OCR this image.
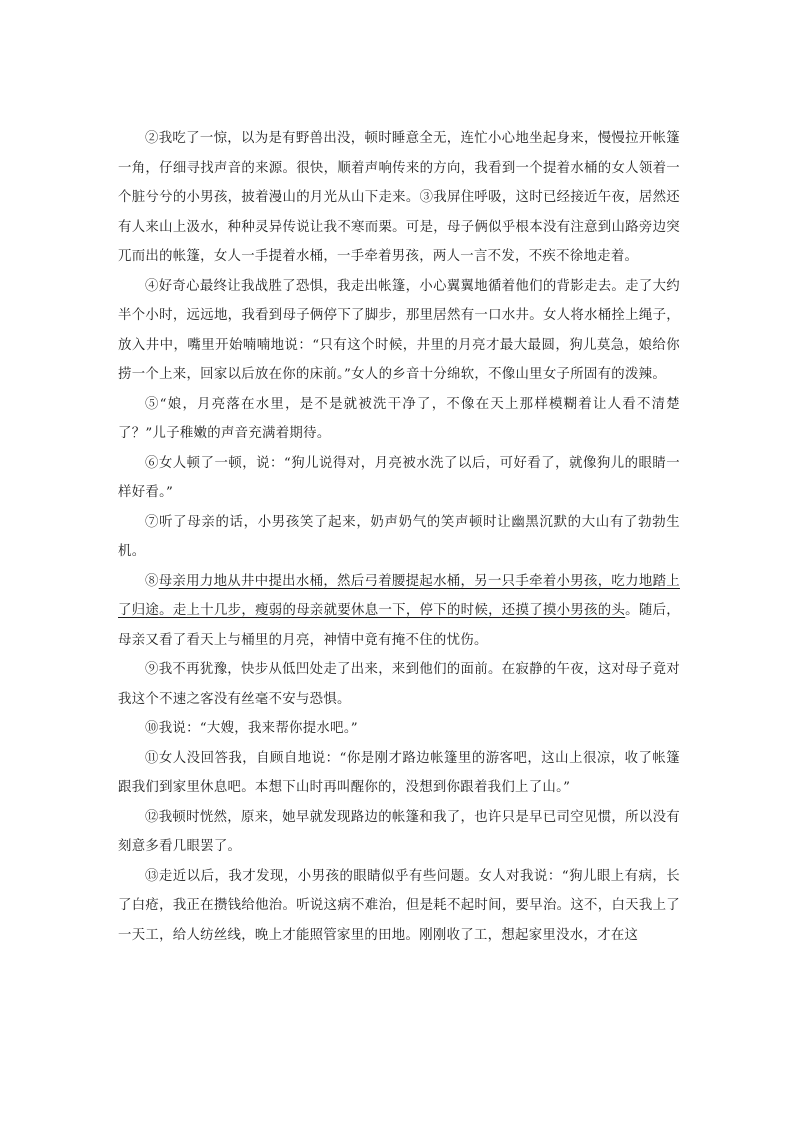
②我吃了一惊，以为是有野兽出没，顿时睡意全无，连忙小心地坐起身来，慢慢拉开帐篷一角，仔细寻找声音的来源。很快，顺着声响传来的方向，我看到一个提着水桶的女人领着一个脏兮兮的小男孩，披着漫山的月光从山下走来。③我屏住呼吸，这时已经接近午夜，居然还有人来山上汲水，种种灵异传说让我不寒而栗。可是，母子俩似乎根本没有注意到山路旁边突兀而出的帐篷，女人一手提着水桶，一手牵着男孩，两人一言不发，不疾不徐地走着。

④好奇心最终让我战胜了恐惧，我走出帐篷，小心翼翼地循着他们的背影走去。走了大约半个小时，远远地，我看到母子俩停下了脚步，那里居然有一口水井。女人将水桶拴上绳子，放入井中，嘴里开始喃喃地说：“只有这个时候，井里的月亮才最大最圆，狗儿莫急，娘给你捞一个上来，回家以后放在你的床前。”女人的乡音十分绵软，不像山里女子所固有的泼辣。

⑤“娘，月亮落在水里，是不是就被洗干净了，不像在天上那样模糊着让人看不清楚了？”儿子稚嫩的声音充满着期待。

⑥女人顿了一顿，说：“狗儿说得对，月亮被水洗了以后，可好看了，就像狗儿的眼睛一样好看。”

⑦听了母亲的话，小男孩笑了起来，奶声奶气的笑声顿时让幽黑沉默的大山有了勃勃生机。

⑧母亲用力地从井中提出水桶，然后弓着腰提起水桶，另一只手牵着小男孩，吃力地踏上了归途。走上十几步，瘦弱的母亲就要休息一下，停下的时候，还摸了摸小男孩的头。随后，母亲又看了看天上与桶里的月亮，神情中竟有掩不住的忧伤。

⑨我不再犹豫，快步从低凹处走了出来，来到他们的面前。在寂静的午夜，这对母子竟对我这个不速之客没有丝毫不安与恐惧。

⑩我说：“大嫂，我来帮你提水吧。”

⑪女人没回答我，自顾自地说：“你是刚才路边帐篷里的游客吧，这山上很凉，收了帐篷跟我们到家里休息吧。本想下山时再叫醒你的，没想到你跟着我们上了山。”

⑫我顿时恍然，原来，她早就发现路边的帐篷和我了，也许只是早已司空见惯，所以没有刻意多看几眼罢了。

⑬走近以后，我才发现，小男孩的眼睛似乎有些问题。女人对我说：“狗儿眼上有病，长了白疮，我正在攒钱给他治。听说这病不难治，但是耗不起时间，要早治。这不，白天我上了一天工，给人纺丝线，晚上才能照管家里的田地。刚刚收了工，想起家里没水，才在这
